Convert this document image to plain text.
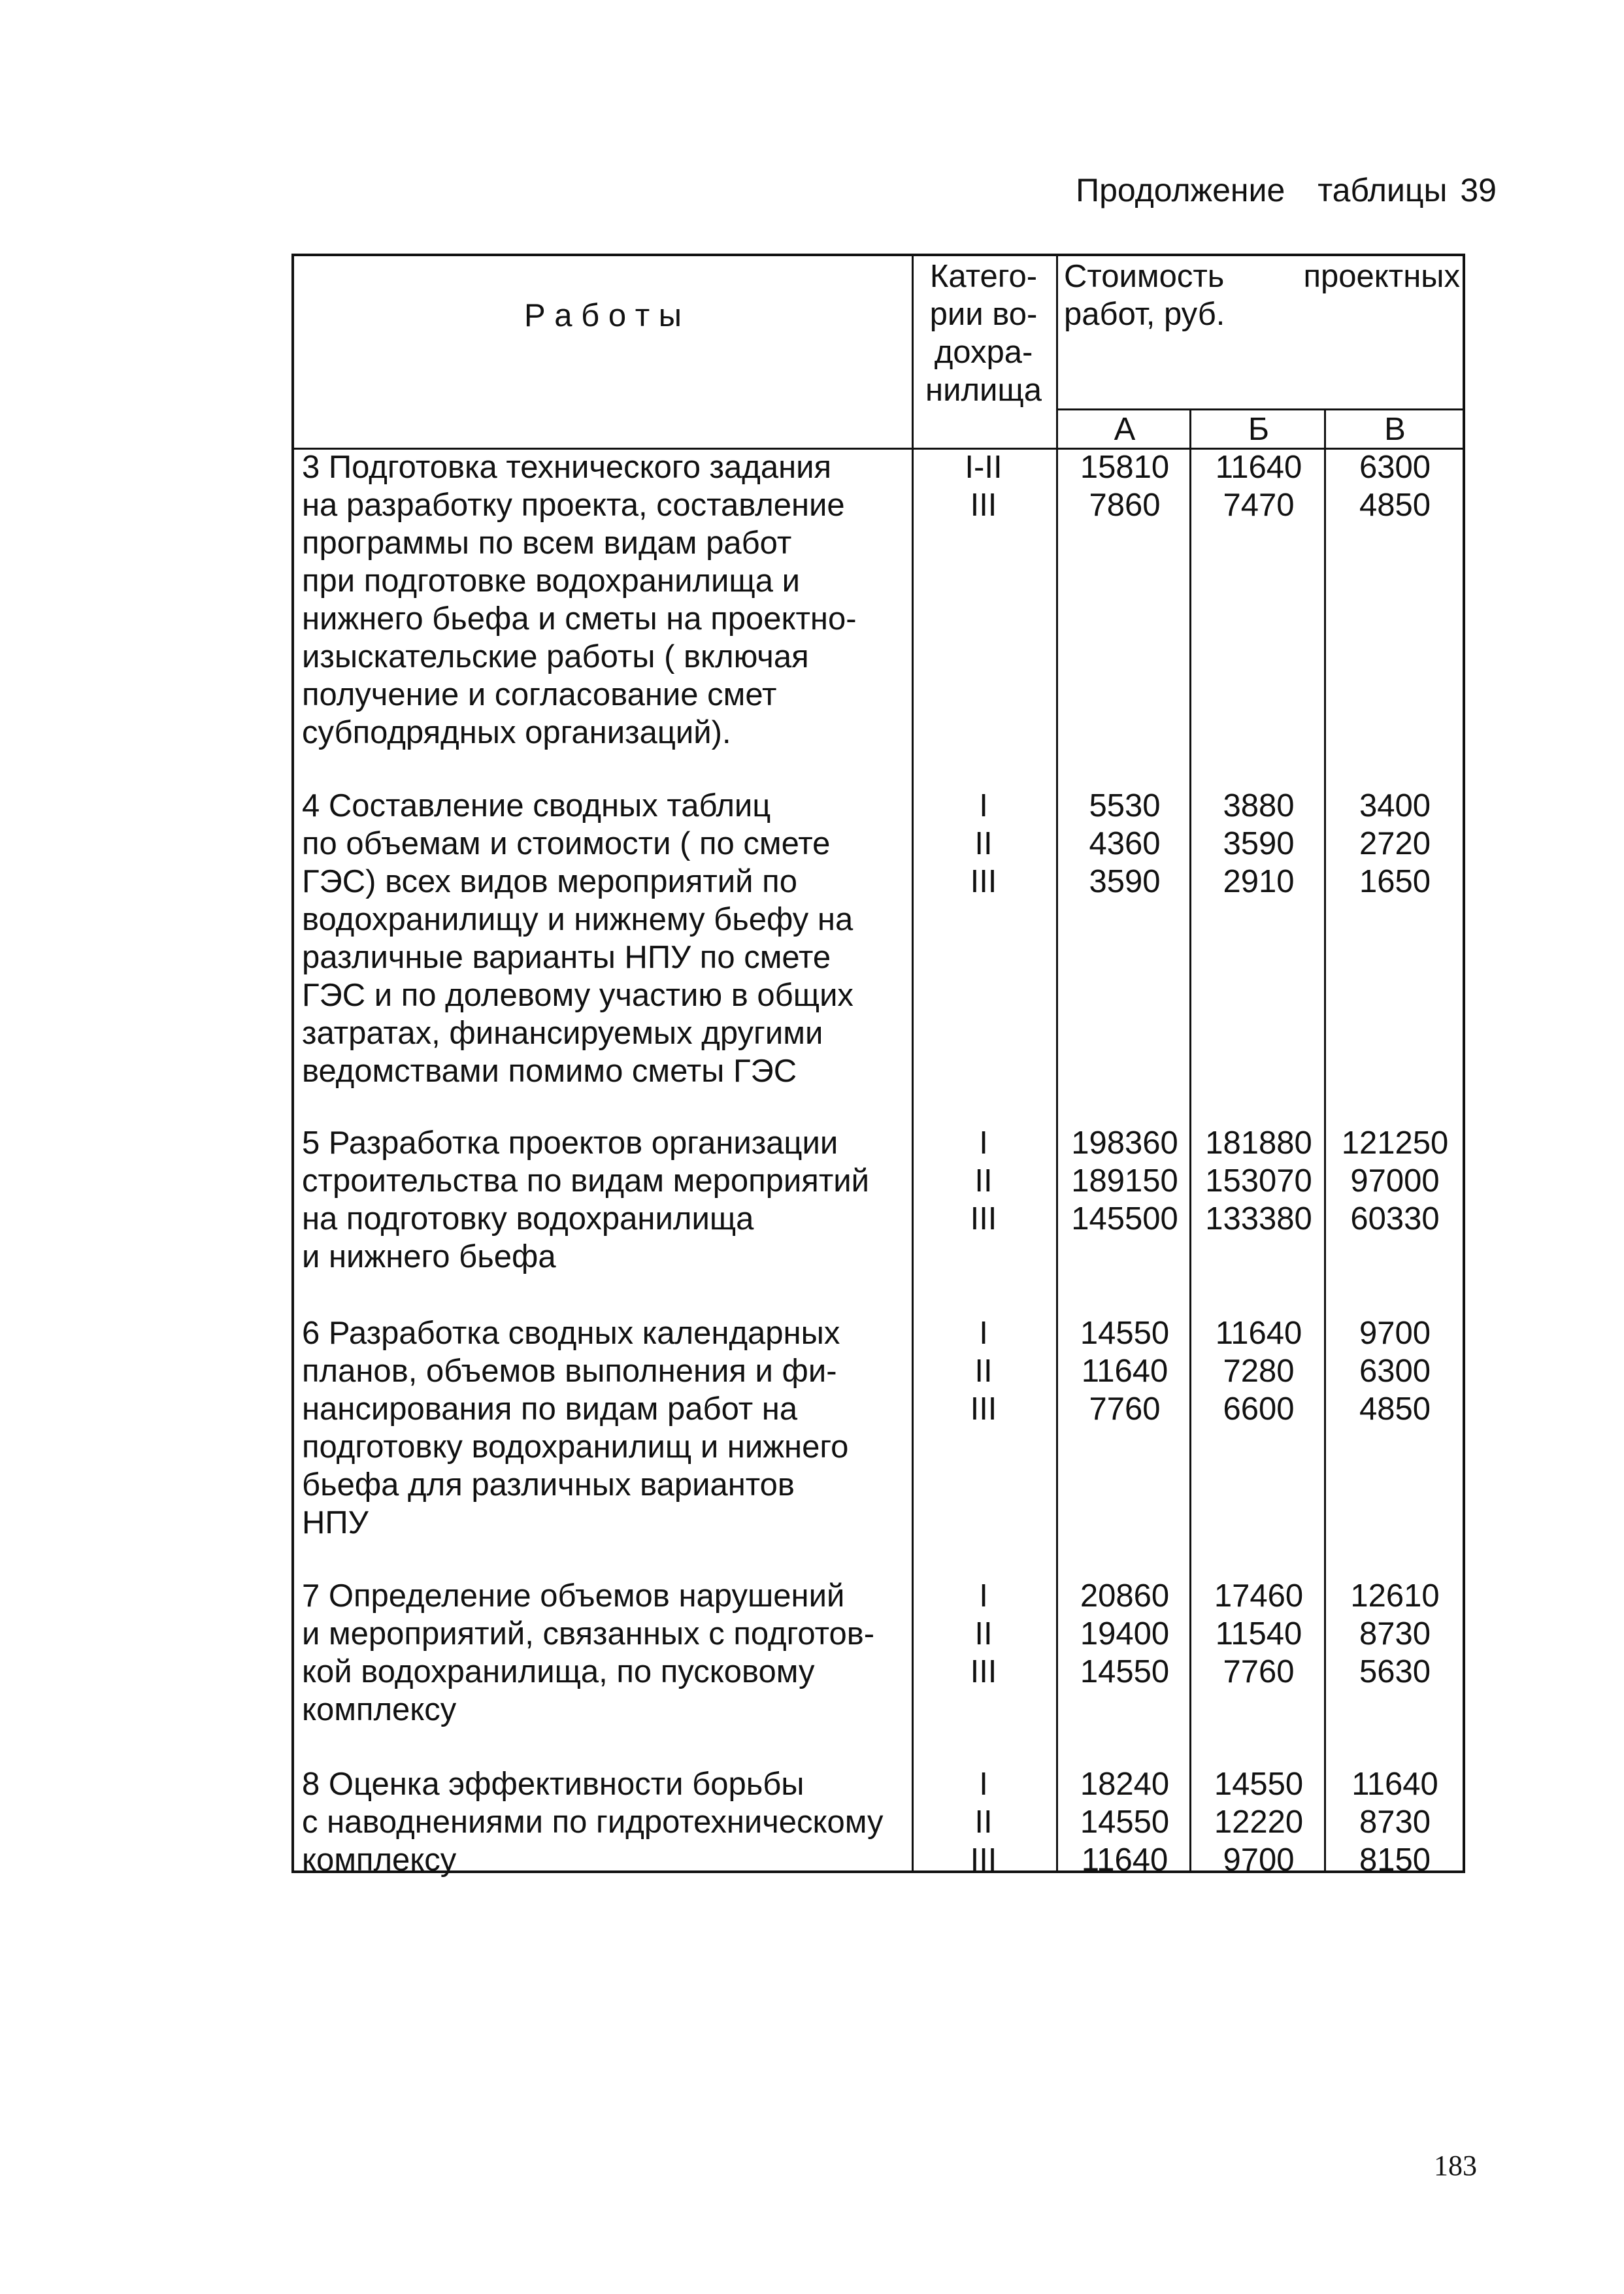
Продолжение таблицы 39
Р а б о т ы
Катего-
рии во-
дохра-
нилища
Стоимость проектных
работ, руб.
А	Б	В
3 Подготовка технического задания
на разработку проекта, составление
программы по всем видам работ
при подготовке водохранилища и
нижнего бьефа и сметы на проектно-
изыскательские работы ( включая
получение и согласование смет
субподрядных организаций).
I-II
III
15810
7860
11640
7470
6300
4850
4 Составление сводных таблиц
по объемам и стоимости ( по смете
ГЭС) всех видов мероприятий по
водохранилищу и нижнему бьефу на
различные варианты НПУ по смете
ГЭС и по долевому участию в общих
затратах, финансируемых другими
ведомствами помимо сметы ГЭС
I
II
III
5530
4360
3590
3880
3590
2910
3400
2720
1650
5 Разработка проектов организации
строительства по видам мероприятий
на подготовку водохранилища
и нижнего бьефа
I
II
III
198360
189150
145500
181880
153070
133380
121250
97000
60330
6 Разработка сводных календарных
планов, объемов выполнения и фи-
нансирования по видам работ на
подготовку водохранилищ и нижнего
бьефа для различных вариантов
НПУ
I
II
III
14550
11640
7760
11640
7280
6600
9700
6300
4850
7 Определение объемов нарушений
и мероприятий, связанных с подготов-
кой водохранилища, по пусковому
комплексу
I
II
III
20860
19400
14550
17460
11540
7760
12610
8730
5630
8 Оценка эффективности борьбы
с наводнениями по гидротехническому
комплексу
I
II
III
18240
14550
11640
14550
12220
9700
11640
8730
8150
183
